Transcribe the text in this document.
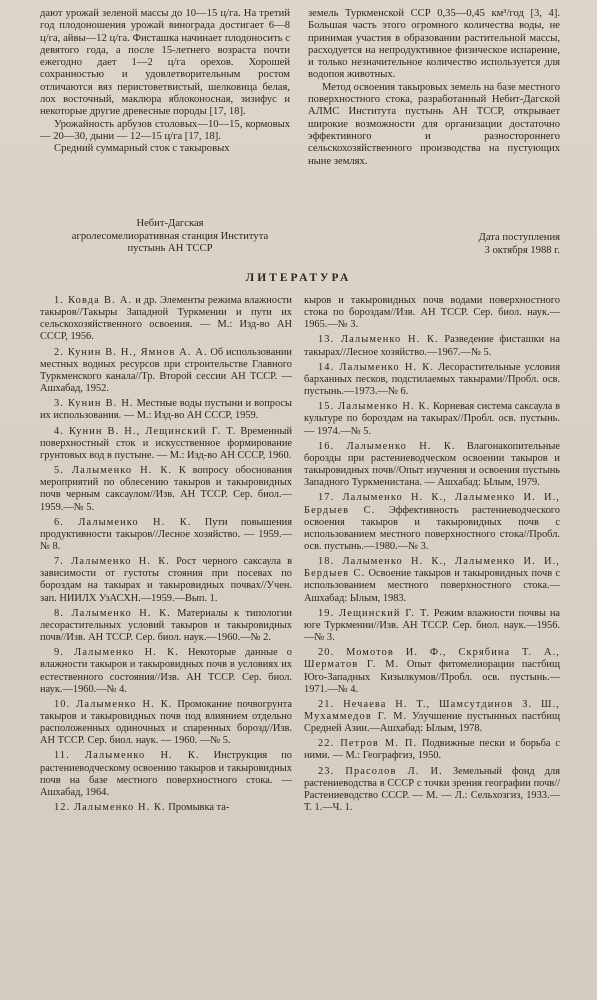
дают урожай зеленой массы до 10—15 ц/га. На третий год плодоношения урожай винограда достигает 6—8 ц/га, айвы—12 ц/га. Фисташка начинает плодоносить с девятого года, а после 15-летнего возраста почти ежегодно дает 1—2 ц/га орехов. Хорошей сохранностью и удовлетворительным ростом отличаются вяз перистоветвистый, шелковица белая, лох восточный, маклюра яблоконосная, зизифус и некоторые другие древесные породы [17, 18].

Урожайность арбузов столовых—10—15, кормовых — 20—30, дыни — 12—15 ц/га [17, 18].

Средний суммарный сток с такыровых

земель Туркменской ССР 0,35—0,45 км³/год [3, 4]. Большая часть этого огромного количества воды, не принимая участия в образовании растительной массы, расходуется на непродуктивное физическое испарение, и только незначительное количество используется для водопоя животных.

Метод освоения такыровых земель на базе местного поверхностного стока, разработанный Небит-Дагской АЛМС Института пустынь АН ТССР, открывает широкие возможности для организации достаточно эффективного и разностороннего сельскохозяйственного производства на пустующих ныне землях.

Небит-Дагская
агролесомелиоративная станция Института
пустынь АН ТССР
Дата поступления
3 октября 1988 г.
ЛИТЕРАТУРА

1. Ковда В. А. и др. Элементы режима влажности такыров//Такыры Западной Туркмении и пути их сельскохозяйственного освоения. — М.: Изд-во АН СССР, 1956.

2. Кунин В. Н., Ямнов А. А. Об использовании местных водных ресурсов при строительстве Главного Туркменского канала//Тр. Второй сессии АН ТССР. — Ашхабад, 1952.

3. Кунин В. Н. Местные воды пустыни и вопросы их использования. — М.: Изд-во АН СССР, 1959.

4. Кунин В. Н., Лещинский Г. Т. Временный поверхностный сток и искусственное формирование грунтовых вод в пустыне. — М.: Изд-во АН СССР, 1960.

5. Лалыменко Н. К. К вопросу обоснования мероприятий по облесению такыров и такыровидных почв черным саксаулом//Изв. АН ТССР. Сер. биол.—1959.—№ 5.

6. Лалыменко Н. К. Пути повышения продуктивности такыров//Лесное хозяйство. — 1959.—№ 8.

7. Лалыменко Н. К. Рост черного саксаула в зависимости от густоты стояния при посевах по бороздам на такырах и такыровидных почвах//Учен. зап. НИИЛХ УзАСХН.—1959.—Вып. 1.

8. Лалыменко Н. К. Материалы к типологии лесорастительных условий такыров и такыровидных почв//Изв. АН ТССР. Сер. биол. наук.—1960.—№ 2.

9. Лалыменко Н. К. Некоторые данные о влажности такыров и такыровидных почв в условиях их естественного состояния//Изв. АН ТССР. Сер. биол. наук.—1960.—№ 4.

10. Лалыменко Н. К. Промокание почвогрунта такыров и такыровидных почв под влиянием отдельно расположенных одиночных и спаренных борозд//Изв. АН ТССР. Сер. биол. наук. — 1960. —№ 5.

11. Лалыменко Н. К. Инструкция по растениеводческому освоению такыров и такыровидных почв на базе местного поверхностного стока. — Ашхабад, 1964.

12. Лалыменко Н. К. Промывка та-

кыров и такыровидных почв водами поверхностного стока по бороздам//Изв. АН ТССР. Сер. биол. наук.—1965.—№ 3.

13. Лалыменко Н. К. Разведение фисташки на такырах//Лесное хозяйство.—1967.—№ 5.

14. Лалыменко Н. К. Лесорастительные условия барханных песков, подстилаемых такырами//Пробл. осв. пустынь.—1973.—№ 6.

15. Лалыменко Н. К. Корневая система саксаула в культуре по бороздам на такырах//Пробл. осв. пустынь. — 1974.—№ 5.

16. Лалыменко Н. К. Влагонакопительные борозды при растениеводческом освоении такыров и такыровидных почв//Опыт изучения и освоения пустынь Западного Туркменистана. — Ашхабад: Ылым, 1979.

17. Лалыменко Н. К., Лалыменко И. И., Бердыев С. Эффективность растениеводческого освоения такыров и такыровидных почв с использованием местного поверхностного стока//Пробл. осв. пустынь.—1980.—№ 3.

18. Лалыменко Н. К., Лалыменко И. И., Бердыев С. Освоение такыров и такыровидных почв с использованием местного поверхностного стока.—Ашхабад: Ылым, 1983.

19. Лещинский Г. Т. Режим влажности почвы на юге Туркмении//Изв. АН ТССР. Сер. биол. наук.—1956.—№ 3.

20. Момотов И. Ф., Скрябина Т. А., Шерматов Г. М. Опыт фитомелиорации пастбищ Юго-Западных Кизылкумов//Пробл. осв. пустынь.—1971.—№ 4.

21. Нечаева Н. Т., Шамсутдинов З. Ш., Мухаммедов Г. М. Улучшение пустынных пастбищ Средней Азии.—Ашхабад: Ылым, 1978.

22. Петров М. П. Подвижные пески и борьба с ними. — М.: Географгиз, 1950.

23. Прасолов Л. И. Земельный фонд для растениеводства в СССР с точки зрения географии почв//Растениеводство СССР. — М. — Л.: Сельхозгиз, 1933.—Т. 1.—Ч. 1.
